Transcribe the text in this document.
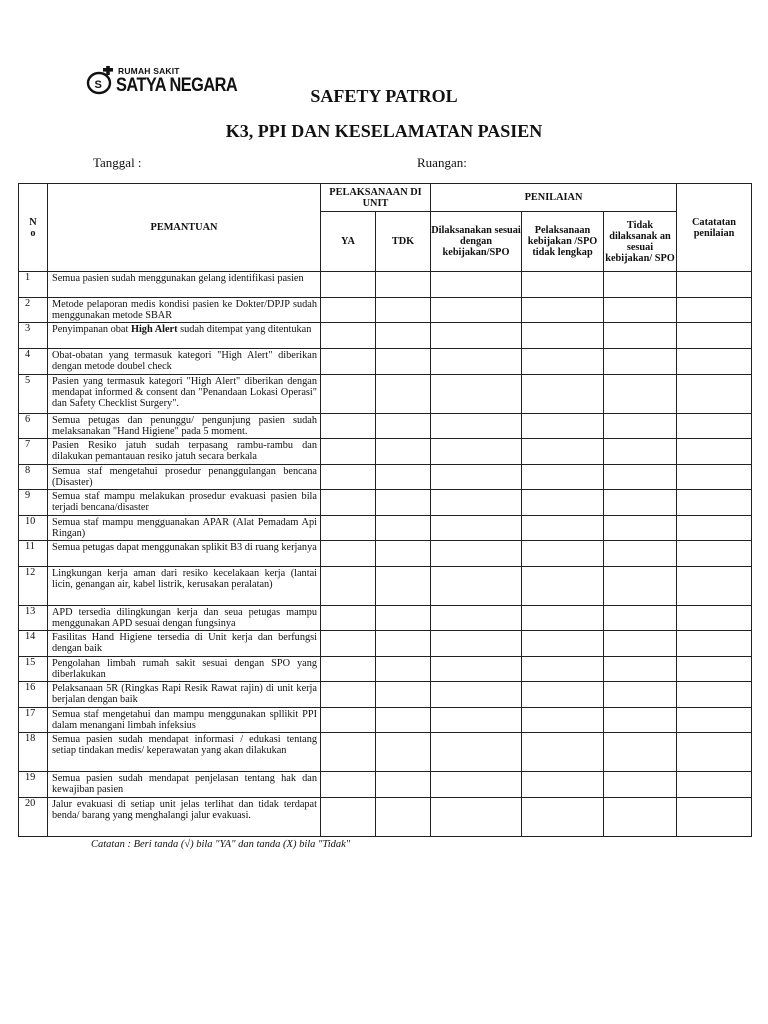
S
RUMAH SAKIT
SATYA NEGARA	SAFETY PATROL
K3, PPI DAN KESELAMATAN PASIEN
Tanggal :	Ruangan:
N
o	PEMANTUAN	PELAKSANAAN DI UNIT		PENILAIAN			Catatatan penilaian
		YA	TDK	Dilaksanakan sesuai dengan kebijakan/SPO	Pelaksanaan kebijakan /SPO tidak lengkap	Tidak dilaksanak an sesuai kebijakan/ SPO	
1	Semua pasien sudah menggunakan gelang identifikasi pasien						
2	Metode pelaporan medis kondisi pasien ke Dokter/DPJP sudah menggunakan metode SBAR						
3	Penyimpanan obat High Alert sudah ditempat yang ditentukan						
4	Obat-obatan yang termasuk kategori "High Alert" diberikan dengan metode doubel check						
5	Pasien yang termasuk kategori "High Alert" diberikan dengan mendapat informed & consent dan "Penandaan Lokasi Operasi" dan Safety Checklist Surgery".						
6	Semua petugas dan penunggu/ pengunjung pasien sudah melaksanakan "Hand Higiene" pada 5 moment.						
7	Pasien Resiko jatuh sudah terpasang rambu-rambu dan dilakukan pemantauan resiko jatuh secara berkala						
8	Semua staf mengetahui prosedur penanggulangan bencana (Disaster)						
9	Semua staf mampu melakukan prosedur evakuasi pasien bila terjadi bencana/disaster						
10	Semua staf mampu mengguanakan APAR (Alat Pemadam Api Ringan)						
11	Semua petugas dapat menggunakan splikit B3 di ruang kerjanya						
12	Lingkungan kerja aman dari resiko kecelakaan kerja (lantai licin, genangan air, kabel listrik, kerusakan peralatan)						
13	APD tersedia dilingkungan kerja dan seua petugas mampu menggunakan APD sesuai dengan fungsinya						
14	Fasilitas Hand Higiene tersedia di Unit kerja dan berfungsi dengan baik						
15	Pengolahan limbah rumah sakit sesuai dengan SPO yang diberlakukan						
16	Pelaksanaan 5R (Ringkas Rapi Resik Rawat rajin) di unit kerja berjalan dengan baik						
17	Semua staf mengetahui dan mampu menggunakan spllikit PPI dalam menangani limbah infeksius						
18	Semua pasien sudah mendapat informasi / edukasi tentang setiap tindakan medis/ keperawatan yang akan dilakukan						
19	Semua pasien sudah mendapat penjelasan tentang hak dan kewajiban pasien						
20	Jalur evakuasi di setiap unit jelas terlihat dan tidak terdapat benda/ barang yang menghalangi jalur evakuasi.						
Catatan : Beri tanda (√) bila "YA" dan tanda (X) bila "Tidak"
